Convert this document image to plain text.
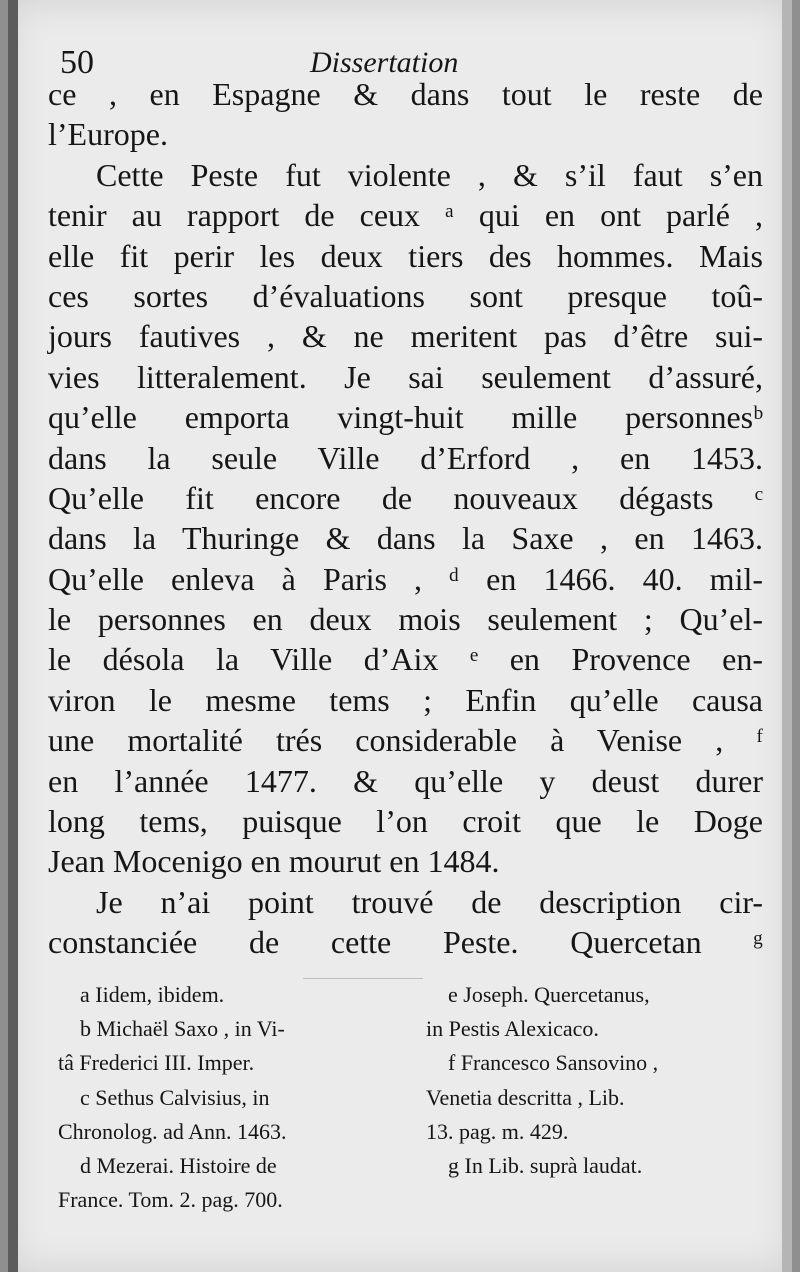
50	Dissertation
ce , en Espagne & dans tout le reste de
l’Europe.
Cette Peste fut violente , & s’il faut s’en
tenir au rapport de ceux ᵃ qui en ont parlé ,
elle fit perir les deux tiers des hommes. Mais
ces sortes d’évaluations sont presque toû-
jours fautives , & ne meritent pas d’être sui-
vies litteralement. Je sai seulement d’assuré,
qu’elle emporta vingt-huit mille personnesᵇ
dans la seule Ville d’Erford , en 1453.
Qu’elle fit encore de nouveaux dégasts ᶜ
dans la Thuringe & dans la Saxe , en 1463.
Qu’elle enleva à Paris , ᵈ en 1466. 40. mil-
le personnes en deux mois seulement ; Qu’el-
le désola la Ville d’Aix ᵉ en Provence en-
viron le mesme tems ; Enfin qu’elle causa
une mortalité trés considerable à Venise , ᶠ
en l’année 1477. & qu’elle y deust durer
long tems, puisque l’on croit que le Doge
Jean Mocenigo en mourut en 1484.
Je n’ai point trouvé de description cir-
constanciée de cette Peste. Quercetan ᵍ
a Iidem, ibidem.
b Michaël Saxo , in Vi-
tâ Frederici III. Imper.
c Sethus Calvisius, in
Chronolog. ad Ann. 1463.
d Mezerai. Histoire de
France. Tom. 2. pag. 700.
e Joseph. Quercetanus,
in Pestis Alexicaco.
f Francesco Sansovino ,
Venetia descritta , Lib.
13. pag. m. 429.
g In Lib. suprà laudat.
